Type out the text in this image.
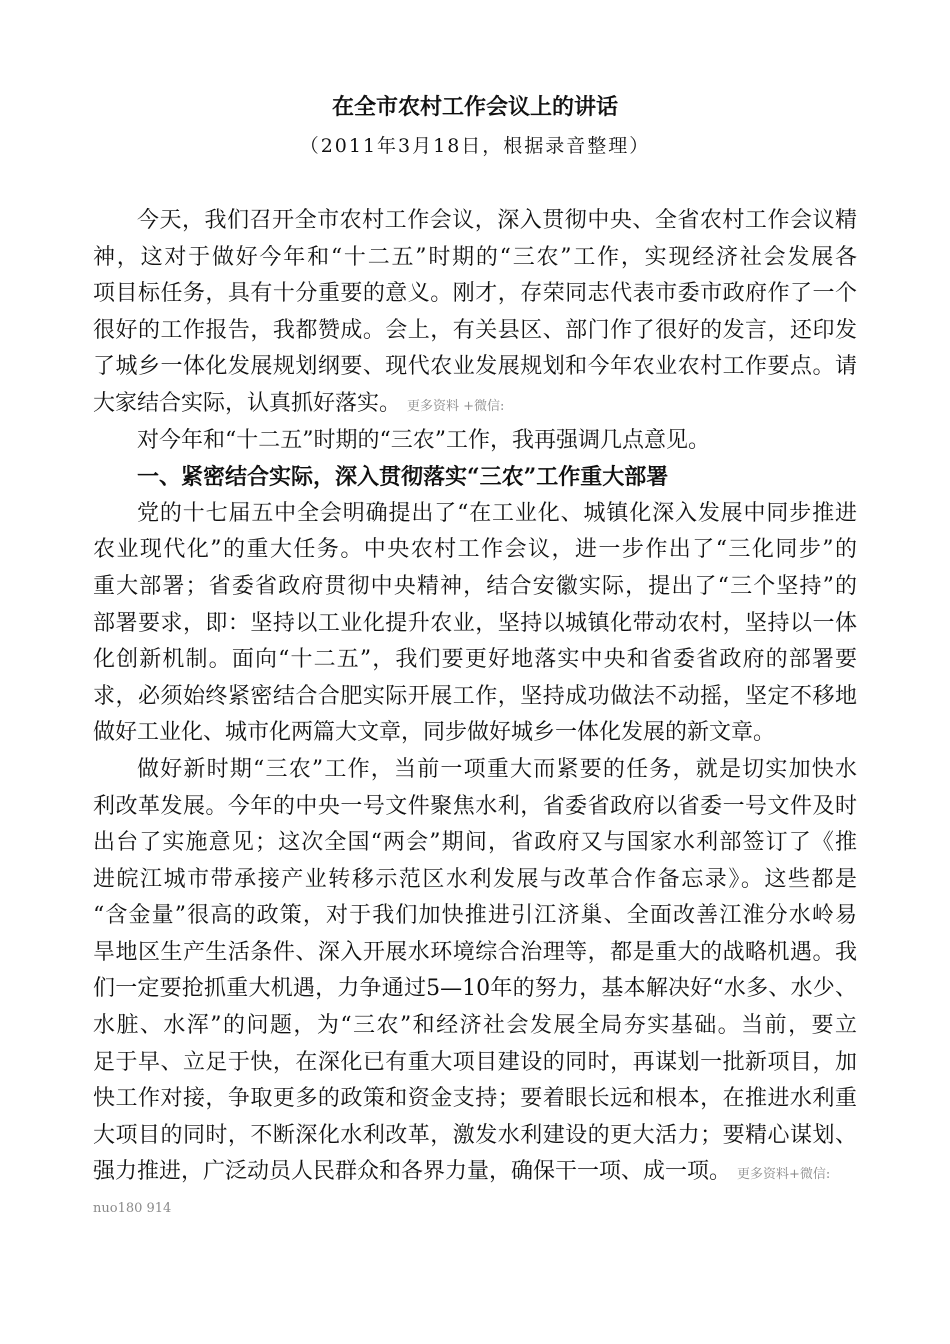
在全市农村工作会议上的讲话
（2011年3月18日，根据录音整理）
今天，我们召开全市农村工作会议，深入贯彻中央、全省农村工作会议精
神，这对于做好今年和“十二五”时期的“三农”工作，实现经济社会发展各
项目标任务，具有十分重要的意义。刚才，存荣同志代表市委市政府作了一个
很好的工作报告，我都赞成。会上，有关县区、部门作了很好的发言，还印发
了城乡一体化发展规划纲要、现代农业发展规划和今年农业农村工作要点。请
大家结合实际，认真抓好落实。 更多资料 +微信:
对今年和“十二五”时期的“三农”工作，我再强调几点意见。
一、紧密结合实际，深入贯彻落实“三农”工作重大部署
党的十七届五中全会明确提出了“在工业化、城镇化深入发展中同步推进
农业现代化”的重大任务。中央农村工作会议，进一步作出了“三化同步”的
重大部署；省委省政府贯彻中央精神，结合安徽实际，提出了“三个坚持”的
部署要求，即：坚持以工业化提升农业，坚持以城镇化带动农村，坚持以一体
化创新机制。面向“十二五”，我们要更好地落实中央和省委省政府的部署要
求，必须始终紧密结合合肥实际开展工作，坚持成功做法不动摇，坚定不移地
做好工业化、城市化两篇大文章，同步做好城乡一体化发展的新文章。
做好新时期“三农”工作，当前一项重大而紧要的任务，就是切实加快水
利改革发展。今年的中央一号文件聚焦水利，省委省政府以省委一号文件及时
出台了实施意见；这次全国“两会”期间，省政府又与国家水利部签订了《推
进皖江城市带承接产业转移示范区水利发展与改革合作备忘录》。这些都是
“含金量”很高的政策，对于我们加快推进引江济巢、全面改善江淮分水岭易
旱地区生产生活条件、深入开展水环境综合治理等，都是重大的战略机遇。我
们一定要抢抓重大机遇，力争通过5—10年的努力，基本解决好“水多、水少、
水脏、水浑”的问题，为“三农”和经济社会发展全局夯实基础。当前，要立
足于早、立足于快，在深化已有重大项目建设的同时，再谋划一批新项目，加
快工作对接，争取更多的政策和资金支持；要着眼长远和根本，在推进水利重
大项目的同时，不断深化水利改革，激发水利建设的更大活力；要精心谋划、
强力推进，广泛动员人民群众和各界力量，确保干一项、成一项。 更多资料+微信:
nuo180 914
